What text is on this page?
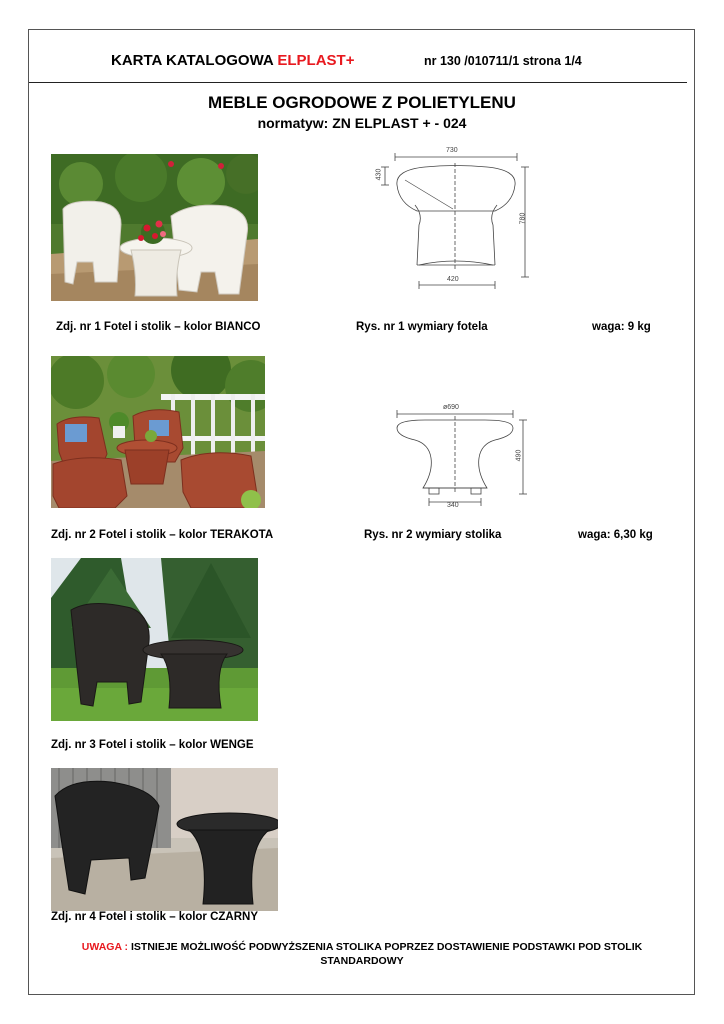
KARTA KATALOGOWA ELPLAST+	nr 130 /010711/1 strona 1/4
MEBLE OGRODOWE Z POLIETYLENU
normatyw: ZN ELPLAST + - 024
730
420
780
430
Zdj. nr 1 Fotel i stolik – kolor BIANCO	Rys. nr 1 wymiary fotela	waga: 9 kg
ø690
340
490
Zdj. nr 2 Fotel i stolik – kolor TERAKOTA	Rys. nr 2 wymiary stolika	waga: 6,30 kg
Zdj. nr 3 Fotel i stolik – kolor WENGE
Zdj. nr 4 Fotel i stolik – kolor CZARNY
UWAGA : ISTNIEJE MOŻLIWOŚĆ PODWYŻSZENIA STOLIKA POPRZEZ DOSTAWIENIE PODSTAWKI POD STOLIK STANDARDOWY
